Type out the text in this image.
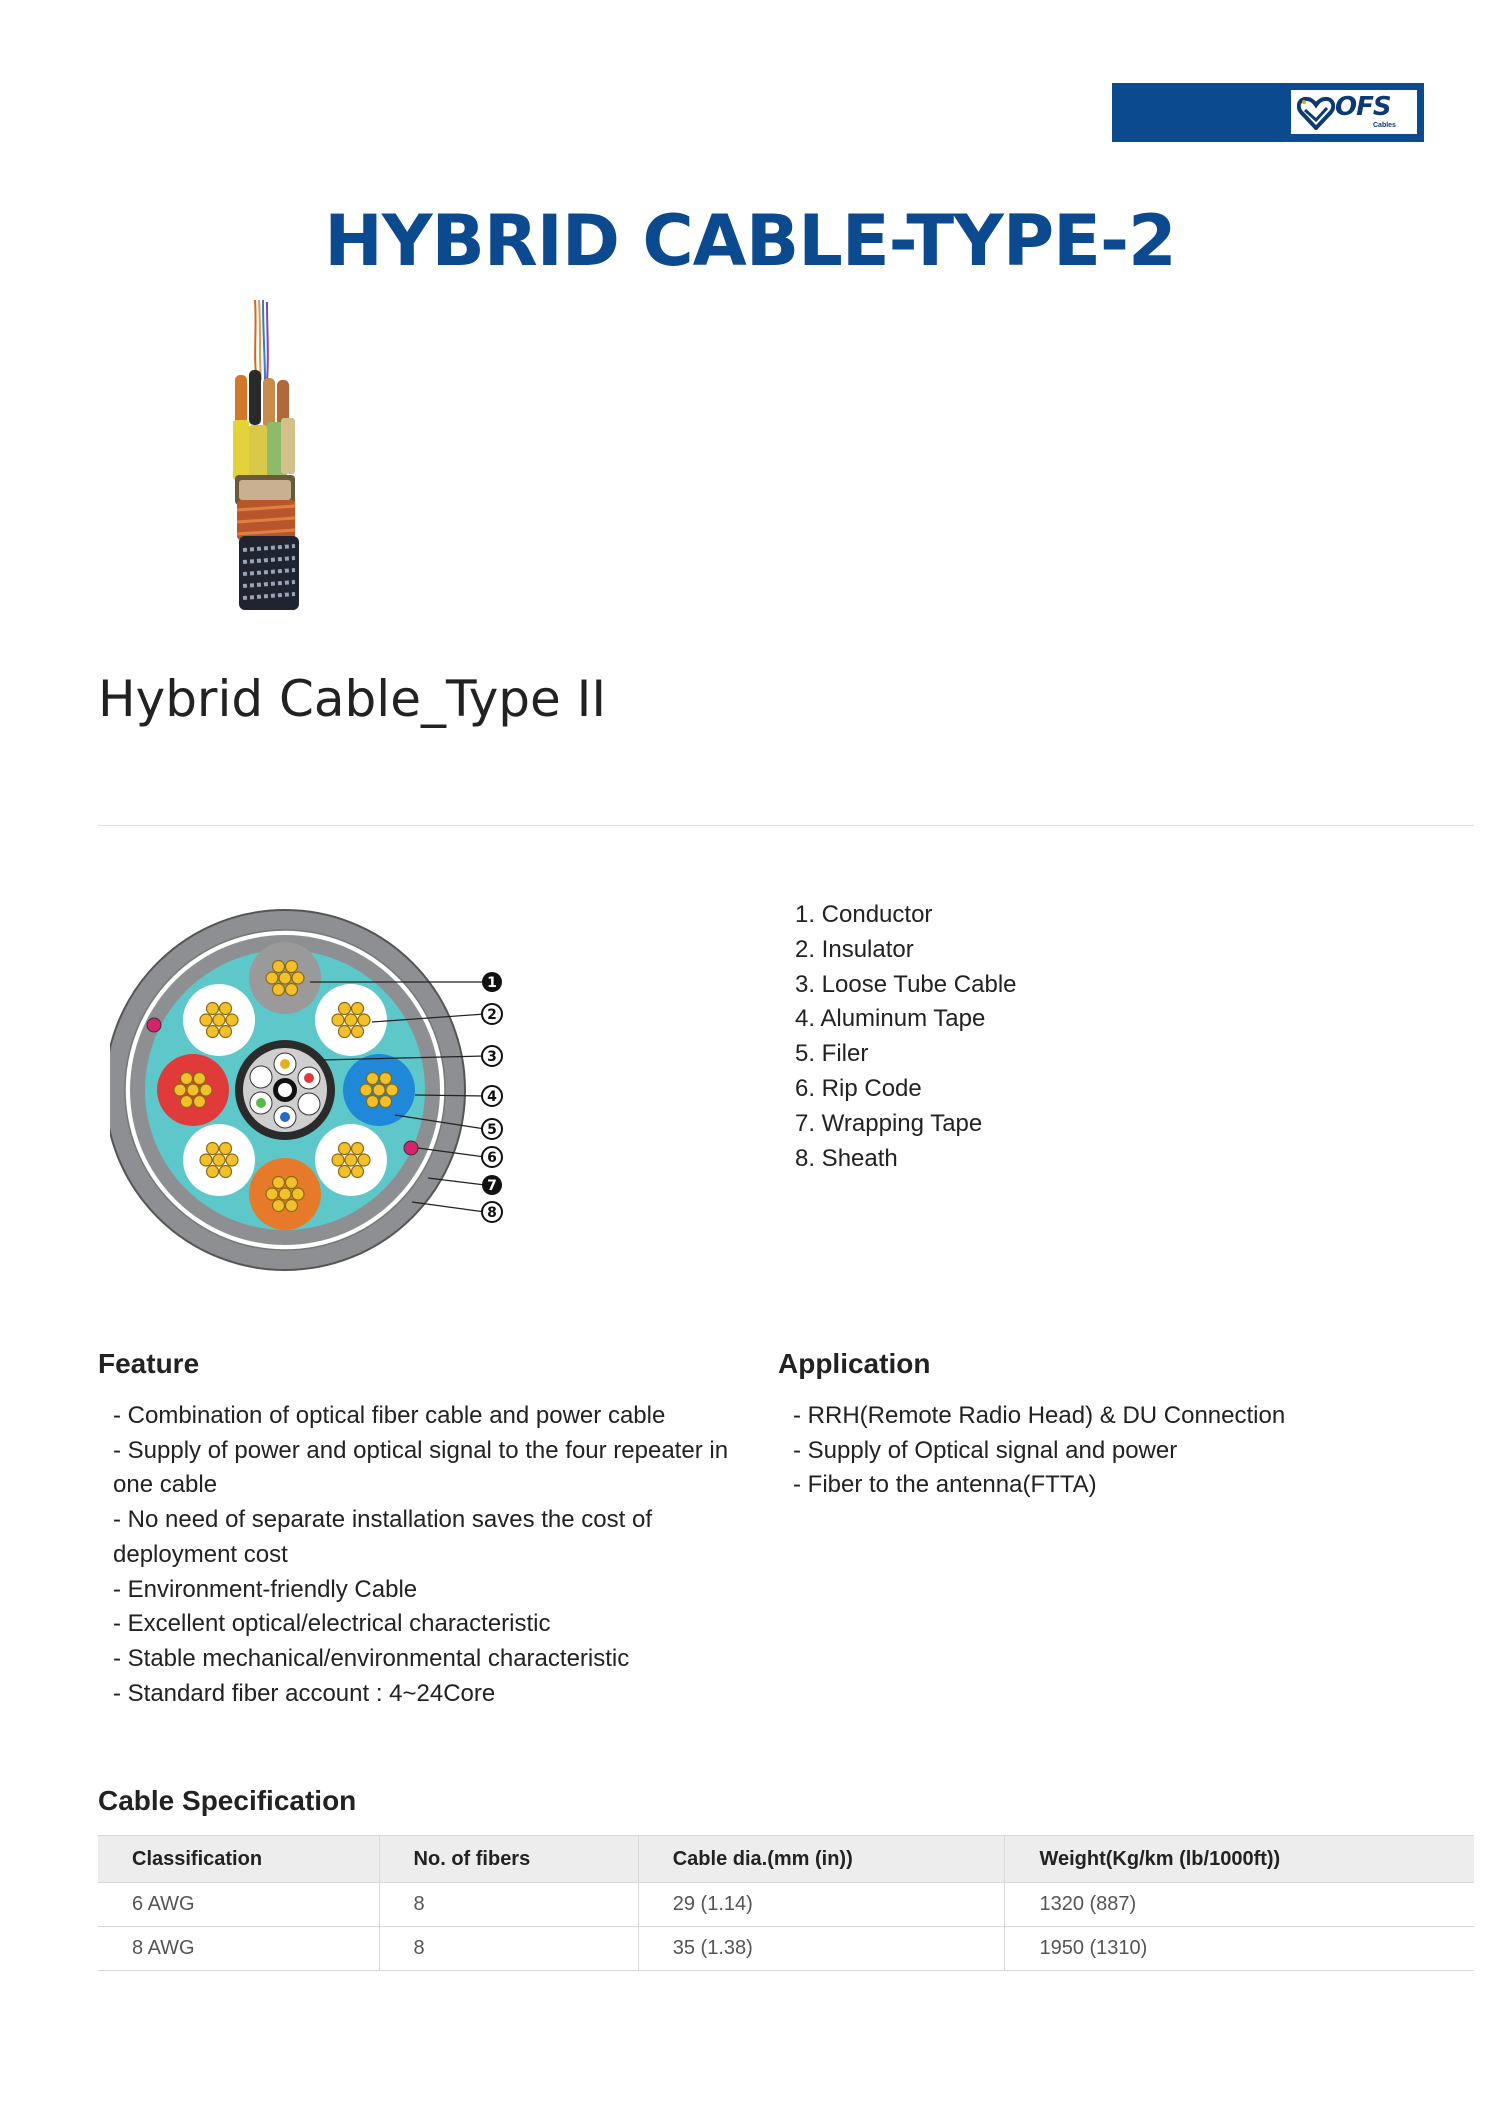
OFS
Cables
HYBRID CABLE-TYPE-2
Hybrid Cable_Type II
1
2
3
4
5
6
7
8
1. Conductor
2. Insulator
3. Loose Tube Cable
4. Aluminum Tape
5. Filer
6. Rip Code
7. Wrapping Tape
8. Sheath
Feature
- Combination of optical fiber cable and power cable
- Supply of power and optical signal to the four repeater in
one cable
- No need of separate installation saves the cost of
deployment cost
- Environment-friendly Cable
- Excellent optical/electrical characteristic
- Stable mechanical/environmental characteristic
- Standard fiber account : 4~24Core
Application
- RRH(Remote Radio Head) & DU Connection
- Supply of Optical signal and power
- Fiber to the antenna(FTTA)
Cable Specification
Classification	No. of fibers	Cable dia.(mm (in))	Weight(Kg/km (lb/1000ft))
6 AWG	8	29 (1.14)	1320 (887)
8 AWG	8	35 (1.38)	1950 (1310)
